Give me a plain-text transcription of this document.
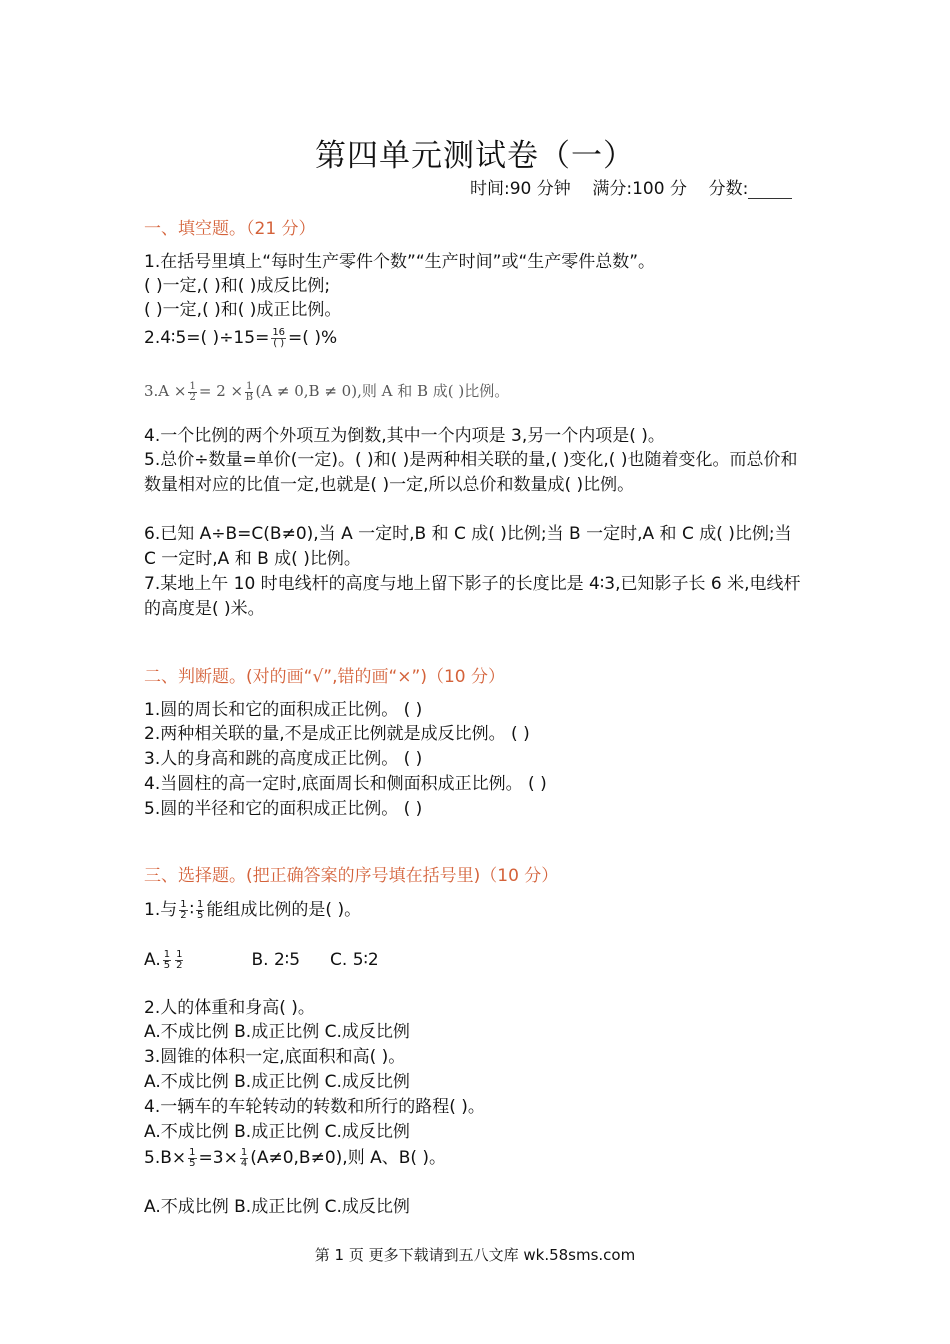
第四单元测试卷（一）
时间:90 分钟 满分:100 分 分数:
一、填空题。（21 分）
1.在括号里填上“每时生产零件个数”“生产时间”或“生产零件总数”。
( )一定,( )和( )成反比例;
( )一定,( )和( )成正比例。
2.4∶5=( )$\div 15= \frac{16}{( )}$ =( )%
$3.A \times \frac{1}{2} = 2 \times \frac{1}{B} (A \ne 0,B \ne 0)$,则 A 和 B 成( )比例。
4.一个比例的两个外项互为倒数,其中一个内项是 3,另一个内项是( )。
5.总价÷数量=单价(一定)。( )和( )是两种相关联的量,( )变化,( )也随着变化。而总价和数量相对应的比值一定,也就是( )一定,所以总价和数量成( )比例。
6.已知 A÷B=C(B≠0),当 A 一定时,B 和 C 成( )比例;当 B 一定时,A 和 C 成( )比例;当 C 一定时,A 和 B 成( )比例。
7.某地上午 10 时电线杆的高度与地上留下影子的长度比是 4∶3,已知影子长 6 米,电线杆的高度是( )米。
二、判断题。(对的画“√”,错的画“×”)（10 分）
1.圆的周长和它的面积成正比例。 ( )
2.两种相关联的量,不是成正比例就是成反比例。 ( )
3.人的身高和跳的高度成正比例。 ( )
4.当圆柱的高一定时,底面周长和侧面积成正比例。 ( )
5.圆的半径和它的面积成正比例。 ( )
三、选择题。(把正确答案的序号填在括号里)（10 分）
1.与 $\frac{1}{2}$ ∶ $\frac{1}{5}$ 能组成比例的是( )。
A. $\frac{1}{5} \frac{1}{2}$	B. 2∶5 C. 5∶2
2.人的体重和身高( )。
A.不成比例 B.成正比例 C.成反比例
3.圆锥的体积一定,底面积和高( )。
A.不成比例 B.成正比例 C.成反比例
4.一辆车的车轮转动的转数和所行的路程( )。
A.不成比例 B.成正比例 C.成反比例
$5.B\times \frac{1}{5} =3\times \frac{1}{4} (A\ne 0,B\ne 0)$,则 A、B( )。
A.不成比例 B.成正比例 C.成反比例
第 1 页 更多下载请到五八文库 wk.58sms.com
